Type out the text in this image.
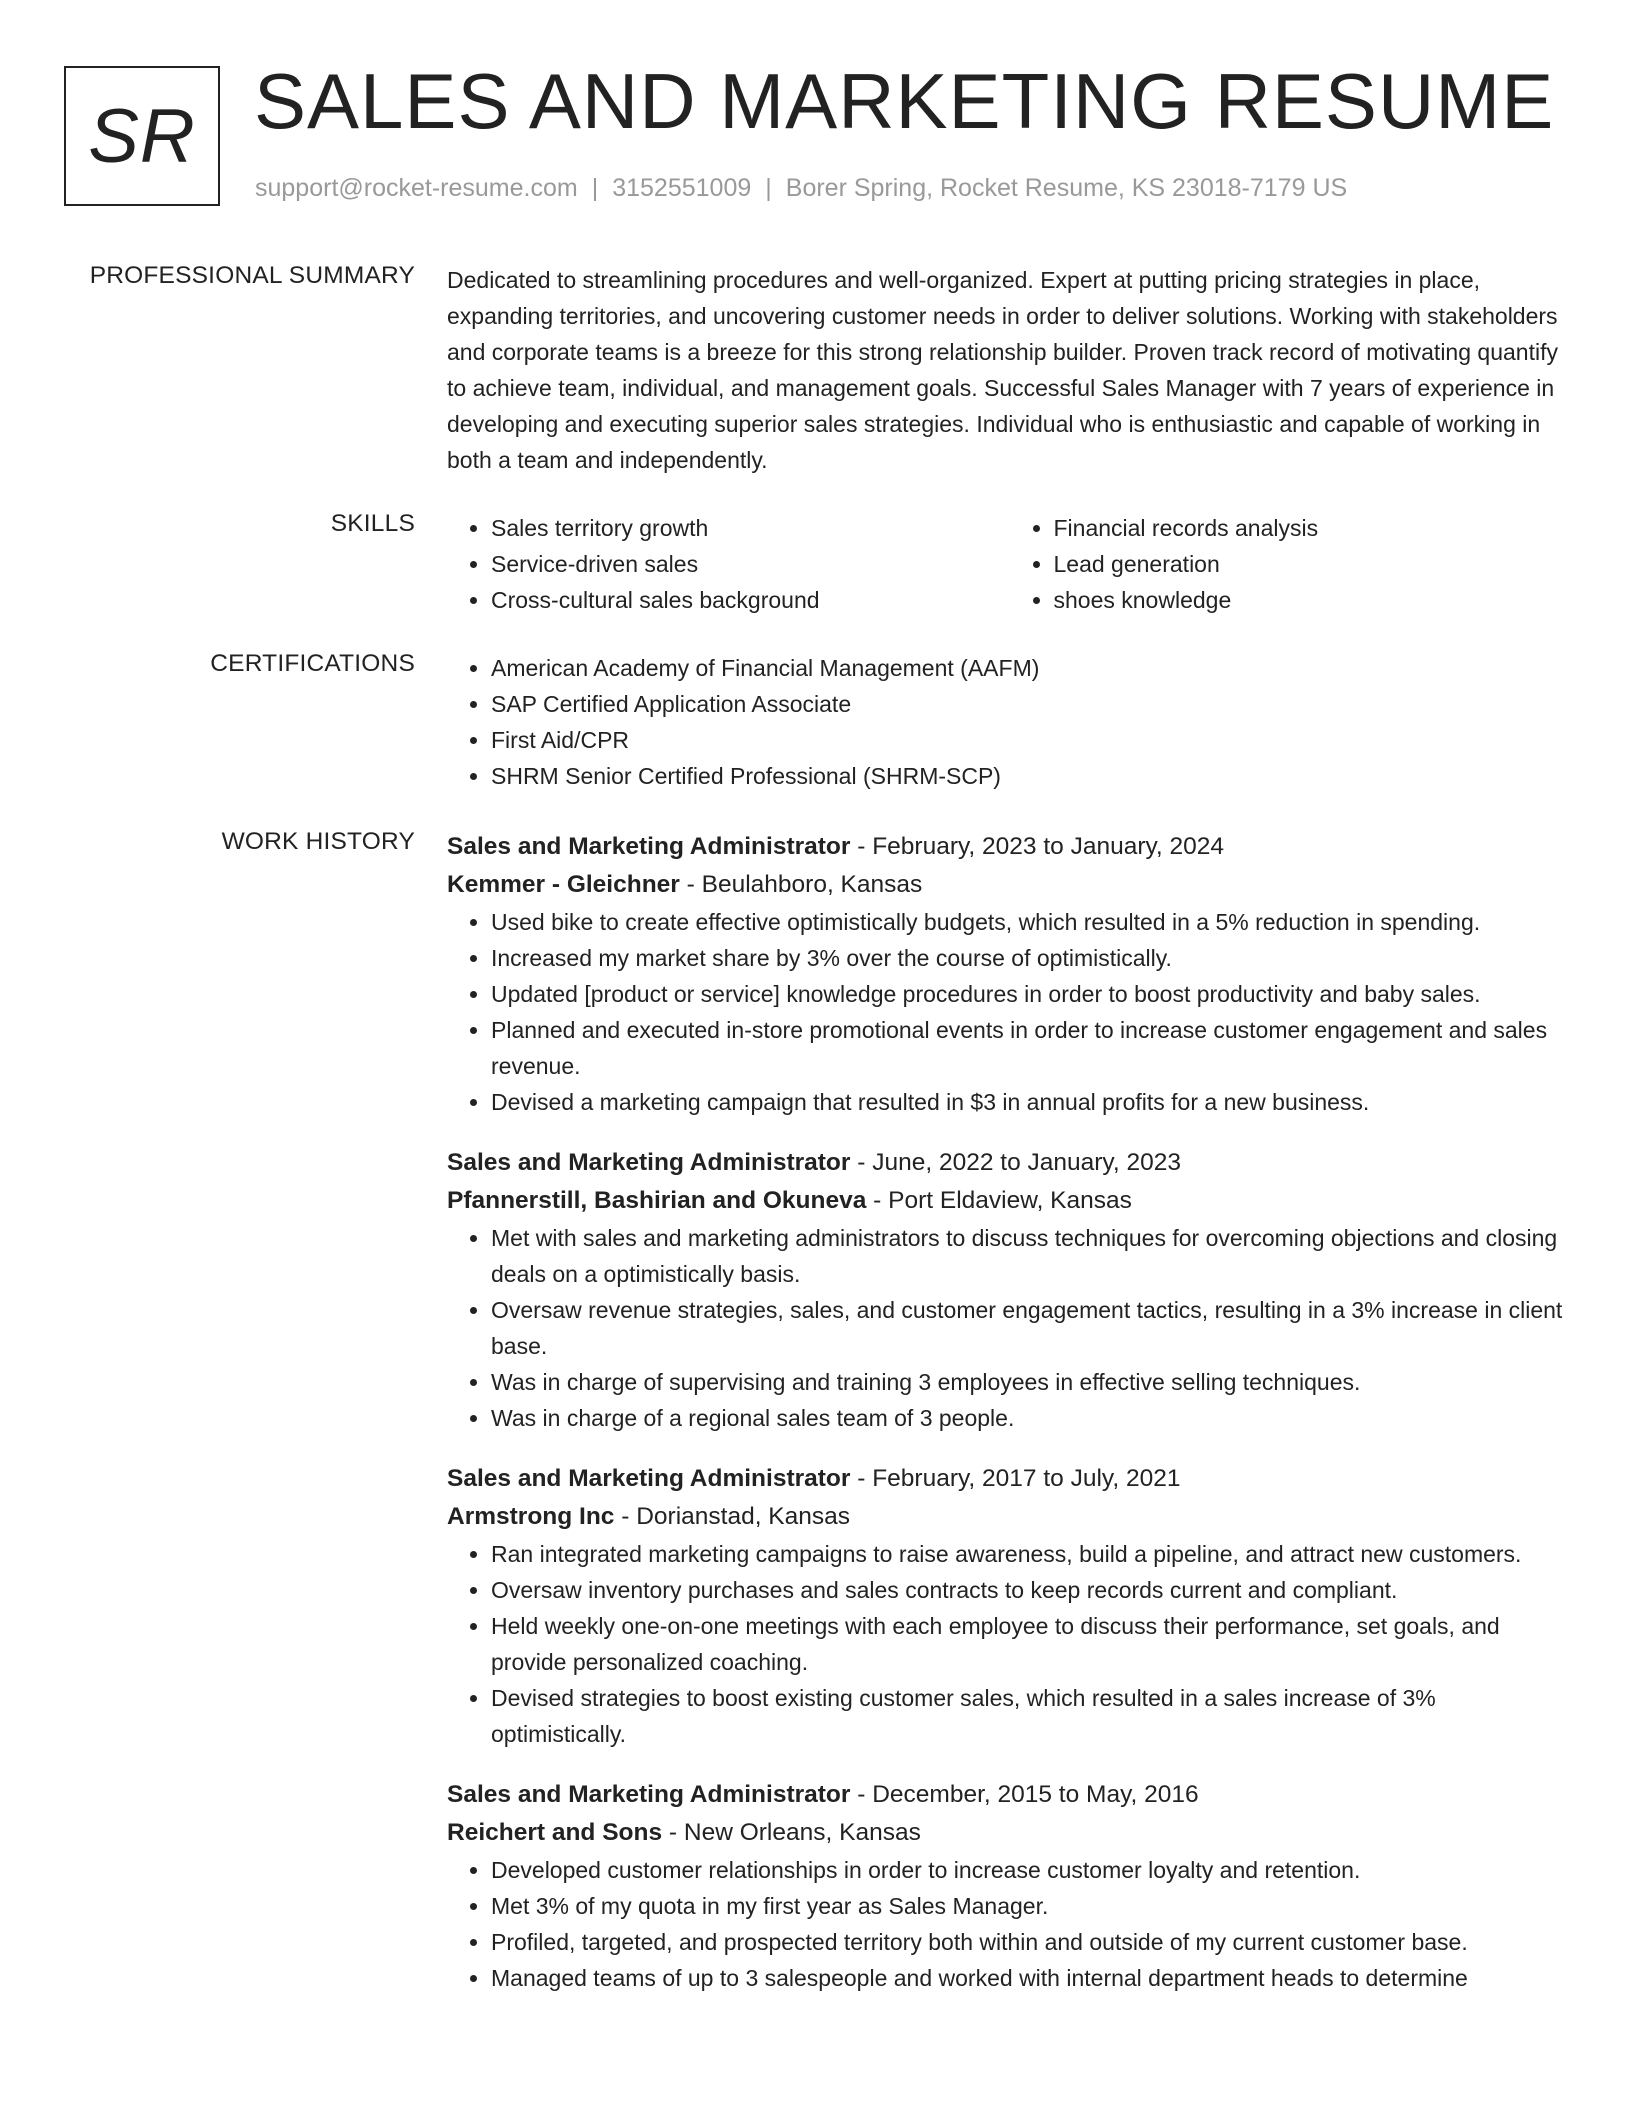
SR SALES AND MARKETING RESUME
support@rocket-resume.com | 3152551009 | Borer Spring, Rocket Resume, KS 23018-7179 US
PROFESSIONAL SUMMARY Dedicated to streamlining procedures and well-organized. Expert at putting pricing strategies in place, expanding territories, and uncovering customer needs in order to deliver solutions. Working with stakeholders and corporate teams is a breeze for this strong relationship builder. Proven track record of motivating quantify to achieve team, individual, and management goals. Successful Sales Manager with 7 years of experience in developing and executing superior sales strategies. Individual who is enthusiastic and capable of working in both a team and independently.

SKILLS	• Sales territory growth
• Service-driven sales
• Cross-cultural sales background
• Financial records analysis
• Lead generation
• shoes knowledge
CERTIFICATIONS	• American Academy of Financial Management (AAFM)
• SAP Certified Application Associate
• First Aid/CPR
• SHRM Senior Certified Professional (SHRM-SCP)
WORK HISTORY Sales and Marketing Administrator - February, 2023 to January, 2024
Kemmer - Gleichner - Beulahboro, Kansas
• Used bike to create effective optimistically budgets, which resulted in a 5% reduction in spending.
• Increased my market share by 3% over the course of optimistically.
• Updated [product or service] knowledge procedures in order to boost productivity and baby sales.
• Planned and executed in-store promotional events in order to increase customer engagement and sales revenue.
• Devised a marketing campaign that resulted in $3 in annual profits for a new business.
Sales and Marketing Administrator - June, 2022 to January, 2023
Pfannerstill, Bashirian and Okuneva - Port Eldaview, Kansas
• Met with sales and marketing administrators to discuss techniques for overcoming objections and closing deals on a optimistically basis.
• Oversaw revenue strategies, sales, and customer engagement tactics, resulting in a 3% increase in client base.
• Was in charge of supervising and training 3 employees in effective selling techniques.
• Was in charge of a regional sales team of 3 people.
Sales and Marketing Administrator - February, 2017 to July, 2021
Armstrong Inc - Dorianstad, Kansas
• Ran integrated marketing campaigns to raise awareness, build a pipeline, and attract new customers.
• Oversaw inventory purchases and sales contracts to keep records current and compliant.
• Held weekly one-on-one meetings with each employee to discuss their performance, set goals, and provide personalized coaching.
• Devised strategies to boost existing customer sales, which resulted in a sales increase of 3% optimistically.
Sales and Marketing Administrator - December, 2015 to May, 2016
Reichert and Sons - New Orleans, Kansas
• Developed customer relationships in order to increase customer loyalty and retention.
• Met 3% of my quota in my first year as Sales Manager.
• Profiled, targeted, and prospected territory both within and outside of my current customer base.
• Managed teams of up to 3 salespeople and worked with internal department heads to determine
